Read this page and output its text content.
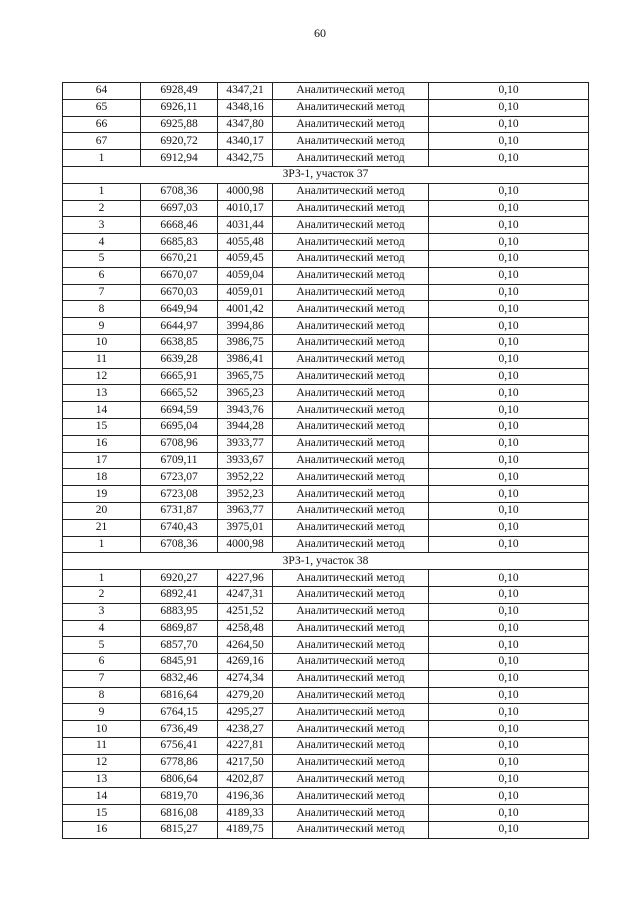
60
64	6928,49	4347,21	Аналитический метод	0,10
65	6926,11	4348,16	Аналитический метод	0,10
66	6925,88	4347,80	Аналитический метод	0,10
67	6920,72	4340,17	Аналитический метод	0,10
1	6912,94	4342,75	Аналитический метод	0,10
ЗРЗ-1, участок 37				
1	6708,36	4000,98	Аналитический метод	0,10
2	6697,03	4010,17	Аналитический метод	0,10
3	6668,46	4031,44	Аналитический метод	0,10
4	6685,83	4055,48	Аналитический метод	0,10
5	6670,21	4059,45	Аналитический метод	0,10
6	6670,07	4059,04	Аналитический метод	0,10
7	6670,03	4059,01	Аналитический метод	0,10
8	6649,94	4001,42	Аналитический метод	0,10
9	6644,97	3994,86	Аналитический метод	0,10
10	6638,85	3986,75	Аналитический метод	0,10
11	6639,28	3986,41	Аналитический метод	0,10
12	6665,91	3965,75	Аналитический метод	0,10
13	6665,52	3965,23	Аналитический метод	0,10
14	6694,59	3943,76	Аналитический метод	0,10
15	6695,04	3944,28	Аналитический метод	0,10
16	6708,96	3933,77	Аналитический метод	0,10
17	6709,11	3933,67	Аналитический метод	0,10
18	6723,07	3952,22	Аналитический метод	0,10
19	6723,08	3952,23	Аналитический метод	0,10
20	6731,87	3963,77	Аналитический метод	0,10
21	6740,43	3975,01	Аналитический метод	0,10
1	6708,36	4000,98	Аналитический метод	0,10
ЗРЗ-1, участок 38				
1	6920,27	4227,96	Аналитический метод	0,10
2	6892,41	4247,31	Аналитический метод	0,10
3	6883,95	4251,52	Аналитический метод	0,10
4	6869,87	4258,48	Аналитический метод	0,10
5	6857,70	4264,50	Аналитический метод	0,10
6	6845,91	4269,16	Аналитический метод	0,10
7	6832,46	4274,34	Аналитический метод	0,10
8	6816,64	4279,20	Аналитический метод	0,10
9	6764,15	4295,27	Аналитический метод	0,10
10	6736,49	4238,27	Аналитический метод	0,10
11	6756,41	4227,81	Аналитический метод	0,10
12	6778,86	4217,50	Аналитический метод	0,10
13	6806,64	4202,87	Аналитический метод	0,10
14	6819,70	4196,36	Аналитический метод	0,10
15	6816,08	4189,33	Аналитический метод	0,10
16	6815,27	4189,75	Аналитический метод	0,10
